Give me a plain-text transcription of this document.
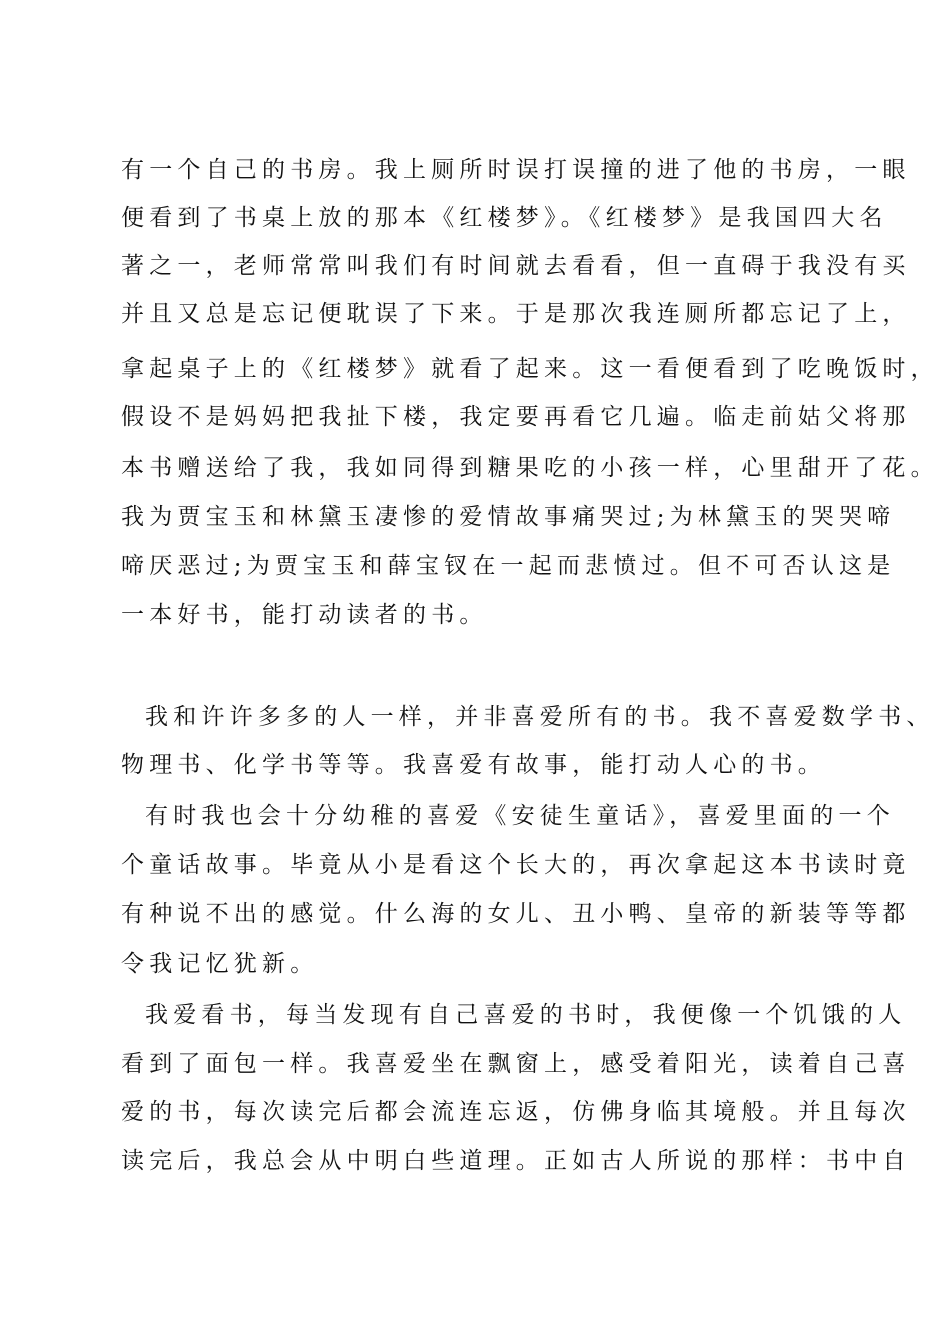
有一个自己的书房。我上厕所时误打误撞的进了他的书房，一眼
便看到了书桌上放的那本《红楼梦》。《红楼梦》是我国四大名
著之一，老师常常叫我们有时间就去看看，但一直碍于我没有买
并且又总是忘记便耽误了下来。于是那次我连厕所都忘记了上，
拿起桌子上的《红楼梦》就看了起来。这一看便看到了吃晚饭时，
假设不是妈妈把我扯下楼，我定要再看它几遍。临走前姑父将那
本书赠送给了我，我如同得到糖果吃的小孩一样，心里甜开了花。
我为贾宝玉和林黛玉凄惨的爱情故事痛哭过;为林黛玉的哭哭啼
啼厌恶过;为贾宝玉和薛宝钗在一起而悲愤过。但不可否认这是
一本好书，能打动读者的书。
我和许许多多的人一样，并非喜爱所有的书。我不喜爱数学书、
物理书、化学书等等。我喜爱有故事，能打动人心的书。
有时我也会十分幼稚的喜爱《安徒生童话》，喜爱里面的一个
个童话故事。毕竟从小是看这个长大的，再次拿起这本书读时竟
有种说不出的感觉。什么海的女儿、丑小鸭、皇帝的新装等等都
令我记忆犹新。
我爱看书，每当发现有自己喜爱的书时，我便像一个饥饿的人
看到了面包一样。我喜爱坐在飘窗上，感受着阳光，读着自己喜
爱的书，每次读完后都会流连忘返，仿佛身临其境般。并且每次
读完后，我总会从中明白些道理。正如古人所说的那样：书中自
